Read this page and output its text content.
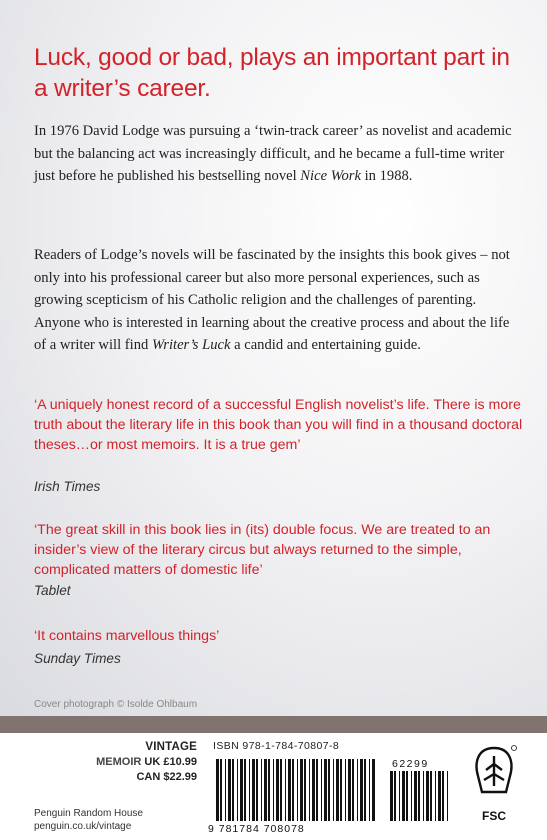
Luck, good or bad, plays an important part in a writer’s career.

In 1976 David Lodge was pursuing a ‘twin-track career’ as novelist and academic but the balancing act was increasingly difficult, and he became a full-time writer just before he published his bestselling novel Nice Work in 1988.

Readers of Lodge’s novels will be fascinated by the insights this book gives – not only into his professional career but also more personal experiences, such as growing scepticism of his Catholic religion and the challenges of parenting. Anyone who is interested in learning about the creative process and about the life of a writer will find Writer’s Luck a candid and entertaining guide.

‘A uniquely honest record of a successful English novelist’s life. There is more truth about the literary life in this book than you will find in a thousand doctoral theses…or most memoirs. It is a true gem’

Irish Times

‘The great skill in this book lies in (its) double focus. We are treated to an insider’s view of the literary circus but always returned to the simple, complicated matters of domestic life’

Tablet

‘It contains marvellous things’

Sunday Times

Cover photograph © Isolde Ohlbaum

VINTAGE

MEMOIR UK £10.99

CAN $22.99

Penguin Random House
penguin.co.uk/vintage

ISBN 978-1-784-70807-8

9 781784 708078
62299

FSC
